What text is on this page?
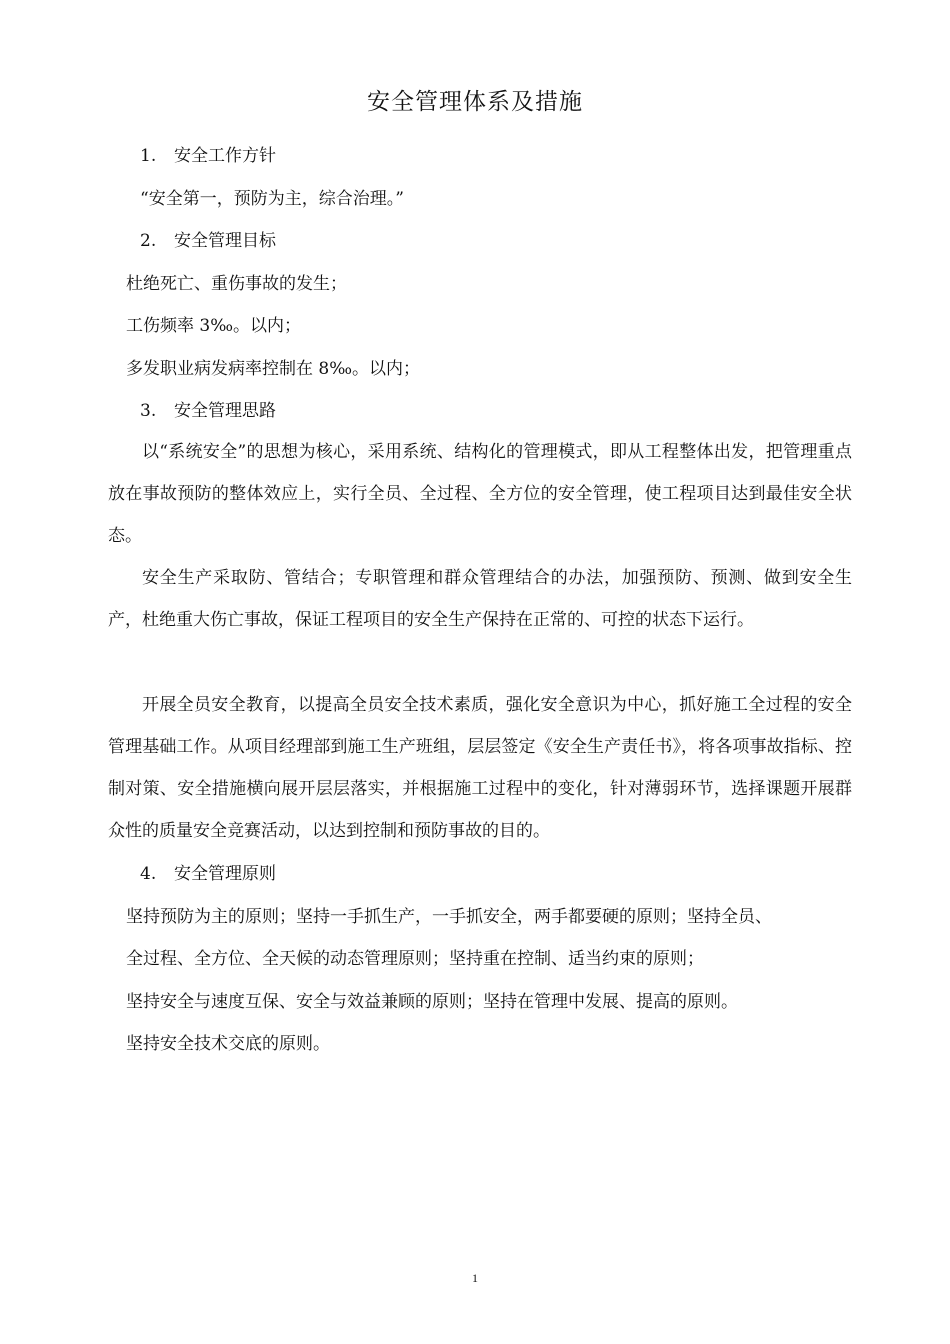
安全管理体系及措施
1. 安全工作方针
“安全第一，预防为主，综合治理。”
2. 安全管理目标
杜绝死亡、重伤事故的发生；
工伤频率 3‰。以内；
多发职业病发病率控制在 8‰。以内；
3. 安全管理思路
以“系统安全”的思想为核心，采用系统、结构化的管理模式，即从工程整体出发，把管理重点放在事故预防的整体效应上，实行全员、全过程、全方位的安全管理，使工程项目达到最佳安全状态。
安全生产采取防、管结合；专职管理和群众管理结合的办法，加强预防、预测、做到安全生产，杜绝重大伤亡事故，保证工程项目的安全生产保持在正常的、可控的状态下运行。
开展全员安全教育，以提高全员安全技术素质，强化安全意识为中心，抓好施工全过程的安全管理基础工作。从项目经理部到施工生产班组，层层签定《安全生产责任书》，将各项事故指标、控制对策、安全措施横向展开层层落实，并根据施工过程中的变化，针对薄弱环节，选择课题开展群众性的质量安全竞赛活动，以达到控制和预防事故的目的。
4. 安全管理原则
坚持预防为主的原则；坚持一手抓生产，一手抓安全，两手都要硬的原则；坚持全员、
全过程、全方位、全天候的动态管理原则；坚持重在控制、适当约束的原则；
坚持安全与速度互保、安全与效益兼顾的原则；坚持在管理中发展、提高的原则。
坚持安全技术交底的原则。
1
